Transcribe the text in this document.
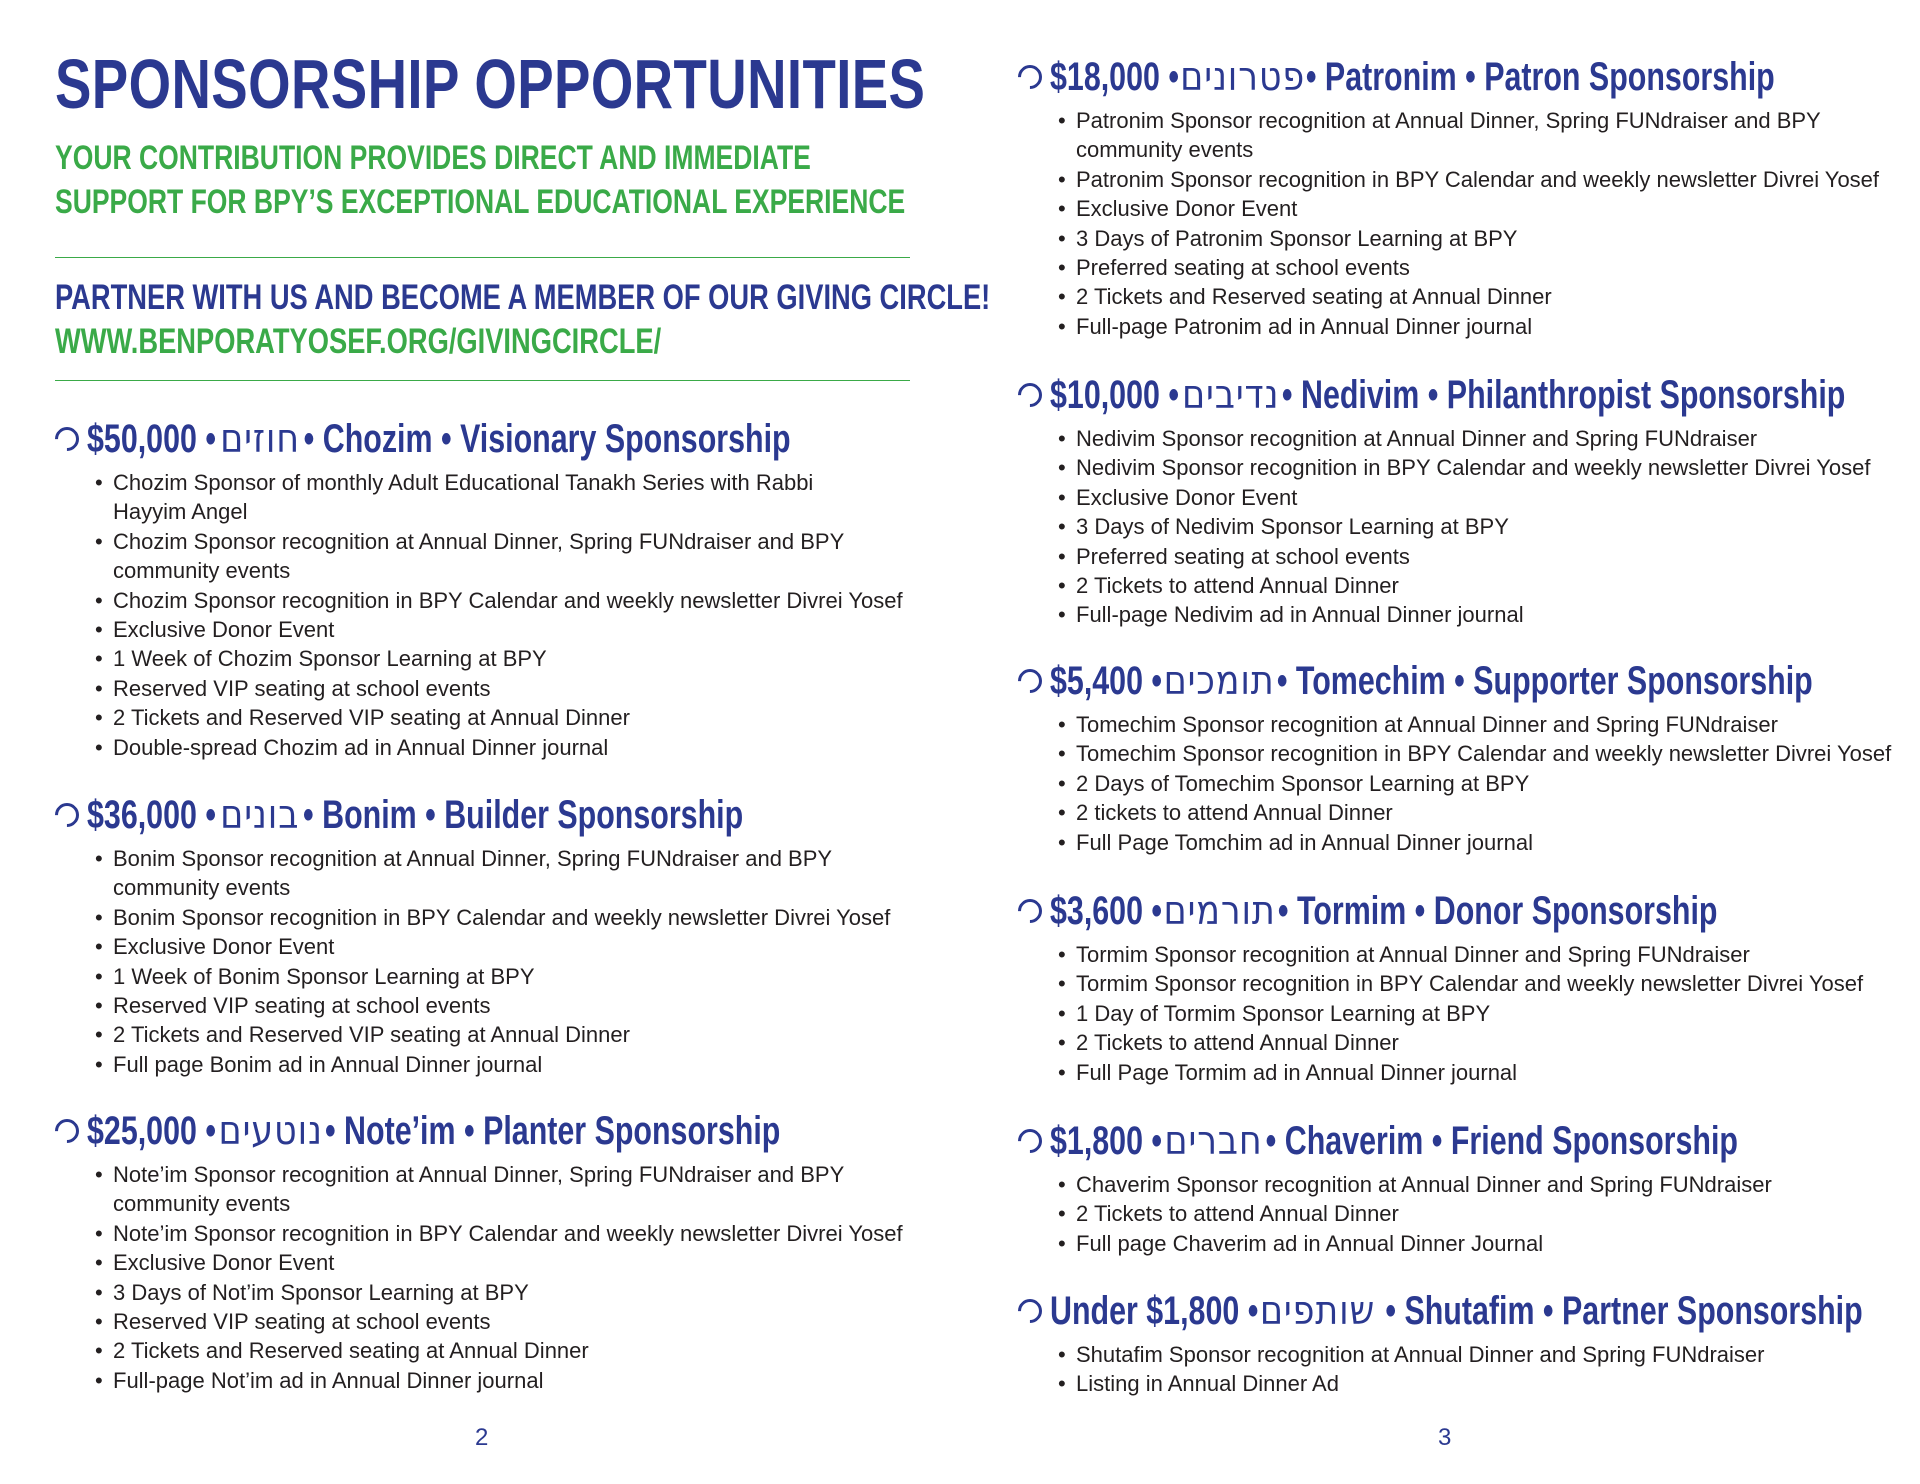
SPONSORSHIP OPPORTUNITIES
YOUR CONTRIBUTION PROVIDES DIRECT AND IMMEDIATE
SUPPORT FOR BPY’S EXCEPTIONAL EDUCATIONAL EXPERIENCE
PARTNER WITH US AND BECOME A MEMBER OF OUR GIVING CIRCLE!
WWW.BENPORATYOSEF.ORG/GIVINGCIRCLE/
$50,000 •חוזים• Chozim • Visionary Sponsorship
• Chozim Sponsor of monthly Adult Educational Tanakh Series with Rabbi Hayyim Angel
• Chozim Sponsor recognition at Annual Dinner, Spring FUNdraiser and BPY community events
• Chozim Sponsor recognition in BPY Calendar and weekly newsletter Divrei Yosef
• Exclusive Donor Event
• 1 Week of Chozim Sponsor Learning at BPY
• Reserved VIP seating at school events
• 2 Tickets and Reserved VIP seating at Annual Dinner
• Double-spread Chozim ad in Annual Dinner journal
$36,000 •בונים• Bonim • Builder Sponsorship
• Bonim Sponsor recognition at Annual Dinner, Spring FUNdraiser and BPY community events
• Bonim Sponsor recognition in BPY Calendar and weekly newsletter Divrei Yosef
• Exclusive Donor Event
• 1 Week of Bonim Sponsor Learning at BPY
• Reserved VIP seating at school events
• 2 Tickets and Reserved VIP seating at Annual Dinner
• Full page Bonim ad in Annual Dinner journal
$25,000 •נוטעים• Note’im • Planter Sponsorship
• Note’im Sponsor recognition at Annual Dinner, Spring FUNdraiser and BPY community events
• Note’im Sponsor recognition in BPY Calendar and weekly newsletter Divrei Yosef
• Exclusive Donor Event
• 3 Days of Not’im Sponsor Learning at BPY
• Reserved VIP seating at school events
• 2 Tickets and Reserved seating at Annual Dinner
• Full-page Not’im ad in Annual Dinner journal
2
$18,000 •פטרונים• Patronim • Patron Sponsorship
• Patronim Sponsor recognition at Annual Dinner, Spring FUNdraiser and BPY community events
• Patronim Sponsor recognition in BPY Calendar and weekly newsletter Divrei Yosef
• Exclusive Donor Event
• 3 Days of Patronim Sponsor Learning at BPY
• Preferred seating at school events
• 2 Tickets and Reserved seating at Annual Dinner
• Full-page Patronim ad in Annual Dinner journal
$10,000 •נדיבים• Nedivim • Philanthropist Sponsorship
• Nedivim Sponsor recognition at Annual Dinner and Spring FUNdraiser
• Nedivim Sponsor recognition in BPY Calendar and weekly newsletter Divrei Yosef
• Exclusive Donor Event
• 3 Days of Nedivim Sponsor Learning at BPY
• Preferred seating at school events
• 2 Tickets to attend Annual Dinner
• Full-page Nedivim ad in Annual Dinner journal
$5,400 •תומכים• Tomechim • Supporter Sponsorship
• Tomechim Sponsor recognition at Annual Dinner and Spring FUNdraiser
• Tomechim Sponsor recognition in BPY Calendar and weekly newsletter Divrei Yosef
• 2 Days of Tomechim Sponsor Learning at BPY
• 2 tickets to attend Annual Dinner
• Full Page Tomchim ad in Annual Dinner journal
$3,600 •תורמים• Tormim • Donor Sponsorship
• Tormim Sponsor recognition at Annual Dinner and Spring FUNdraiser
• Tormim Sponsor recognition in BPY Calendar and weekly newsletter Divrei Yosef
• 1 Day of Tormim Sponsor Learning at BPY
• 2 Tickets to attend Annual Dinner
• Full Page Tormim ad in Annual Dinner journal
$1,800 •חברים• Chaverim • Friend Sponsorship
• Chaverim Sponsor recognition at Annual Dinner and Spring FUNdraiser
• 2 Tickets to attend Annual Dinner
• Full page Chaverim ad in Annual Dinner Journal
Under $1,800 •שותפים • Shutafim • Partner Sponsorship
• Shutafim Sponsor recognition at Annual Dinner and Spring FUNdraiser
• Listing in Annual Dinner Ad
3
